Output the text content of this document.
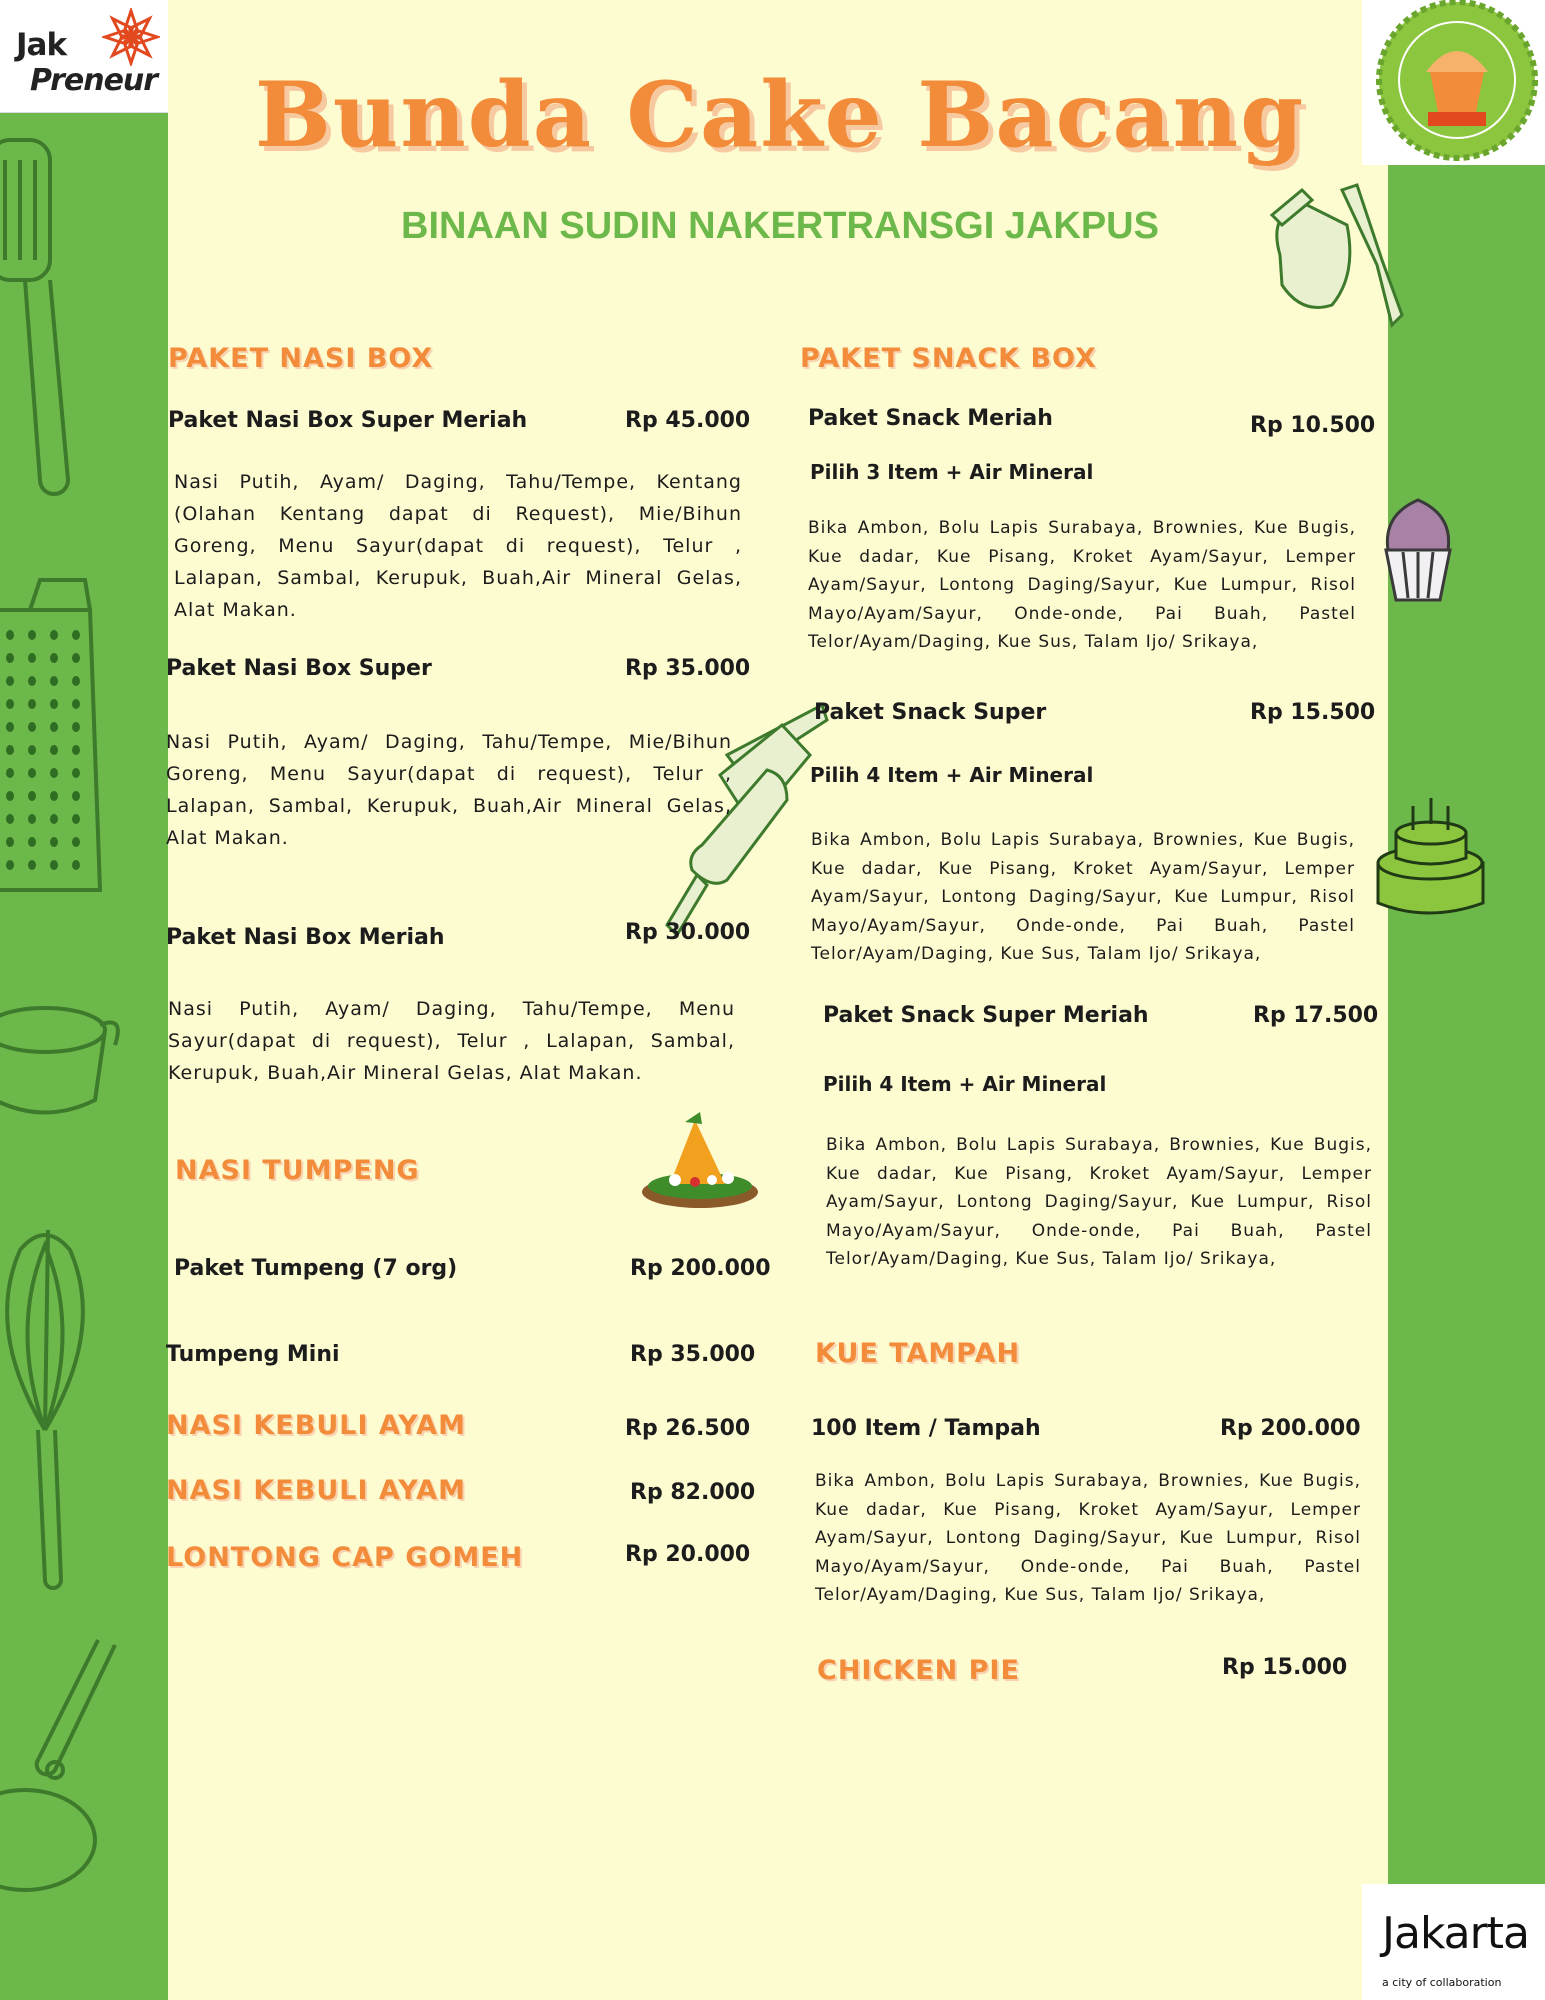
Jak
Preneur	Bunda Cake Bacang
BINAAN SUDIN NAKERTRANSGI JAKPUS
PAKET NASI BOX
Paket Nasi Box Super Meriah	Rp 45.000
Nasi Putih, Ayam/ Daging, Tahu/Tempe, Kentang (Olahan Kentang dapat di Request), Mie/Bihun Goreng, Menu Sayur(dapat di request), Telur , Lalapan, Sambal, Kerupuk, Buah,Air Mineral Gelas, Alat Makan.
Paket Nasi Box Super	Rp 35.000
Nasi Putih, Ayam/ Daging, Tahu/Tempe, Mie/Bihun Goreng, Menu Sayur(dapat di request), Telur , Lalapan, Sambal, Kerupuk, Buah,Air Mineral Gelas, Alat Makan.
Paket Nasi Box Meriah	Rp 30.000
Nasi Putih, Ayam/ Daging, Tahu/Tempe, Menu Sayur(dapat di request), Telur , Lalapan, Sambal, Kerupuk, Buah,Air Mineral Gelas, Alat Makan.
NASI TUMPENG
Paket Tumpeng (7 org)	Rp 200.000
Tumpeng Mini	Rp 35.000
NASI KEBULI AYAM	Rp 26.500
NASI KEBULI AYAM	Rp 82.000
LONTONG CAP GOMEH	Rp 20.000
PAKET SNACK BOX
Paket Snack Meriah	Rp 10.500
Pilih 3 Item + Air Mineral
Bika Ambon, Bolu Lapis Surabaya, Brownies, Kue Bugis, Kue dadar, Kue Pisang, Kroket Ayam/Sayur, Lemper Ayam/Sayur, Lontong Daging/Sayur, Kue Lumpur, Risol Mayo/Ayam/Sayur, Onde-onde, Pai Buah, Pastel Telor/Ayam/Daging, Kue Sus, Talam Ijo/ Srikaya,
Paket Snack Super	Rp 15.500
Pilih 4 Item + Air Mineral
Bika Ambon, Bolu Lapis Surabaya, Brownies, Kue Bugis, Kue dadar, Kue Pisang, Kroket Ayam/Sayur, Lemper Ayam/Sayur, Lontong Daging/Sayur, Kue Lumpur, Risol Mayo/Ayam/Sayur, Onde-onde, Pai Buah, Pastel Telor/Ayam/Daging, Kue Sus, Talam Ijo/ Srikaya,
Paket Snack Super Meriah	Rp 17.500
Pilih 4 Item + Air Mineral
Bika Ambon, Bolu Lapis Surabaya, Brownies, Kue Bugis, Kue dadar, Kue Pisang, Kroket Ayam/Sayur, Lemper Ayam/Sayur, Lontong Daging/Sayur, Kue Lumpur, Risol Mayo/Ayam/Sayur, Onde-onde, Pai Buah, Pastel Telor/Ayam/Daging, Kue Sus, Talam Ijo/ Srikaya,
KUE TAMPAH
100 Item / Tampah	Rp 200.000
Bika Ambon, Bolu Lapis Surabaya, Brownies, Kue Bugis, Kue dadar, Kue Pisang, Kroket Ayam/Sayur, Lemper Ayam/Sayur, Lontong Daging/Sayur, Kue Lumpur, Risol Mayo/Ayam/Sayur, Onde-onde, Pai Buah, Pastel Telor/Ayam/Daging, Kue Sus, Talam Ijo/ Srikaya,
CHICKEN PIE	Rp 15.000
Jakarta
a city of collaboration
